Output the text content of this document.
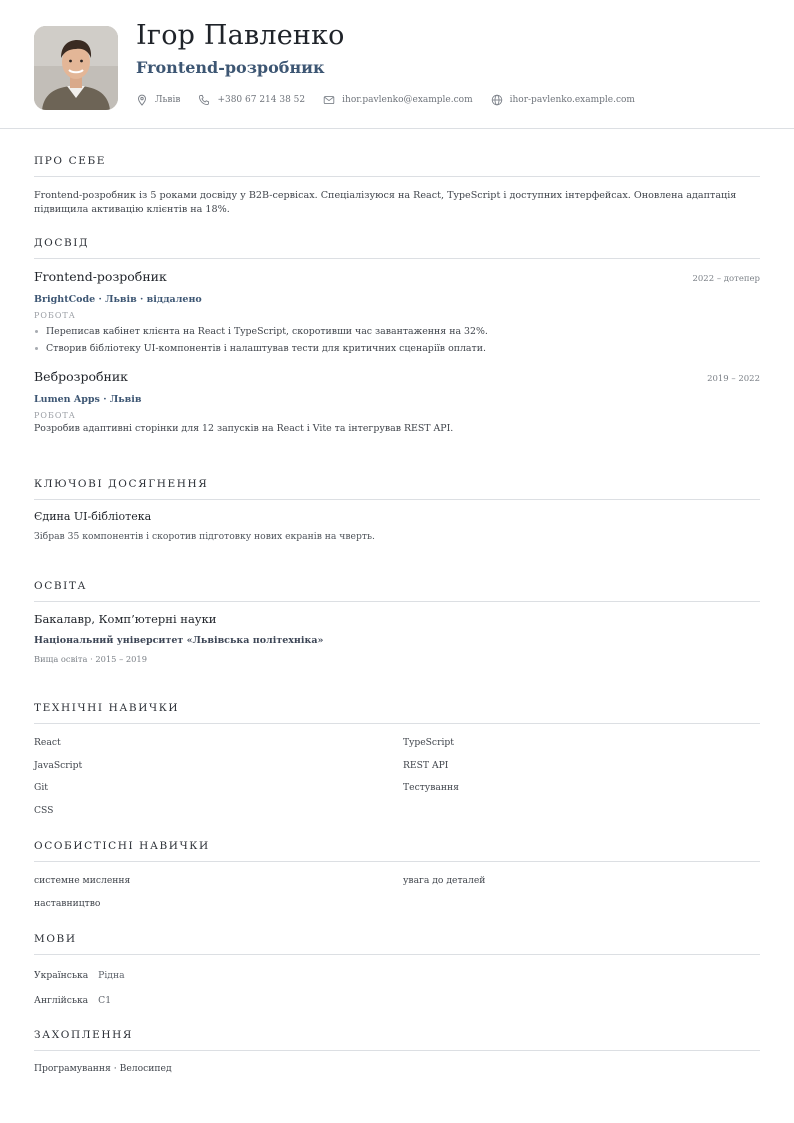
Ігор Павленко
Frontend-розробник
Львів	+380 67 214 38 52	ihor.pavlenko@example.com	ihor-pavlenko.example.com
ПРО СЕБЕ

Frontend-розробник із 5 роками досвіду у B2B-сервісах. Спеціалізуюся на React, TypeScript і доступних інтерфейсах. Оновлена адаптація підвищила активацію клієнтів на 18%.

ДОСВІД
Frontend-розробник	2022 – дотепер
BrightCode · Львів · віддалено
РОБОТА
Переписав кабінет клієнта на React і TypeScript, скоротивши час завантаження на 32%.
Створив бібліотеку UI-компонентів і налаштував тести для критичних сценаріїв оплати.
Веброзробник	2019 – 2022
Lumen Apps · Львів
РОБОТА
Розробив адаптивні сторінки для 12 запусків на React і Vite та інтегрував REST API.
КЛЮЧОВІ ДОСЯГНЕННЯ
Єдина UI-бібліотека
Зібрав 35 компонентів і скоротив підготовку нових екранів на чверть.
ОСВІТА
Бакалавр, Комп’ютерні науки
Національний університет «Львівська політехніка»
Вища освіта · 2015 – 2019
ТЕХНІЧНІ НАВИЧКИ
React	TypeScript
JavaScript	REST API
Git	Тестування
CSS
ОСОБИСТІСНІ НАВИЧКИ
системне мислення	увага до деталей
наставництво
МОВИ
Українська Рідна
Англійська C1
ЗАХОПЛЕННЯ
Програмування · Велосипед
